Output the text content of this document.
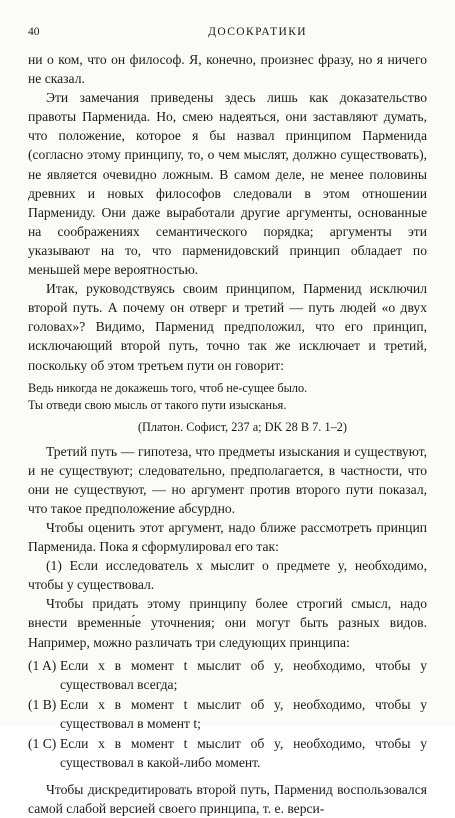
40	ДОСОКРАТИКИ

ни о ком, что он философ. Я, конечно, произнес фразу, но я ничего не сказал.

Эти замечания приведены здесь лишь как доказательство правоты Парменида. Но, смею надеяться, они заставляют думать, что положение, которое я бы назвал принципом Парменида (согласно этому принципу, то, о чем мыслят, должно существовать), не является очевидно ложным. В самом деле, не менее половины древних и новых философов следовали в этом отношении Пармениду. Они даже выработали другие аргументы, основанные на соображениях семантического порядка; аргументы эти указывают на то, что парменидовский принцип обладает по меньшей мере вероятностью.

Итак, руководствуясь своим принципом, Парменид исключил второй путь. А почему он отверг и третий — путь людей «о двух головах»? Видимо, Парменид предположил, что его принцип, исключающий второй путь, точно так же исключает и третий, поскольку об этом третьем пути он говорит:

Ведь никогда не докажешь того, чтоб не-сущее было.
Ты отведи свою мысль от такого пути изысканья.
(Платон. Софист, 237 a; DK 28 B 7. 1–2)

Третий путь — гипотеза, что предметы изыскания и существуют, и не существуют; следовательно, предполагается, в частности, что они не существуют, — но аргумент против второго пути показал, что такое предположение абсурдно.

Чтобы оценить этот аргумент, надо ближе рассмотреть принцип Парменида. Пока я сформулировал его так:

(1) Если исследователь x мыслит о предмете y, необходимо, чтобы y существовал.

Чтобы придать этому принципу более строгий смысл, надо внести временны́е уточнения; они могут быть разных видов. Например, можно различать три следующих принципа:

(1 A) Если x в момент t мыслит об y, необходимо, чтобы y существовал всегда;
(1 B) Если x в момент t мыслит об y, необходимо, чтобы y существовал в момент t;
(1 C) Если x в момент t мыслит об y, необходимо, чтобы y существовал в какой-либо момент.

Чтобы дискредитировать второй путь, Парменид воспользовался самой слабой версией своего принципа, т. е. верси-
